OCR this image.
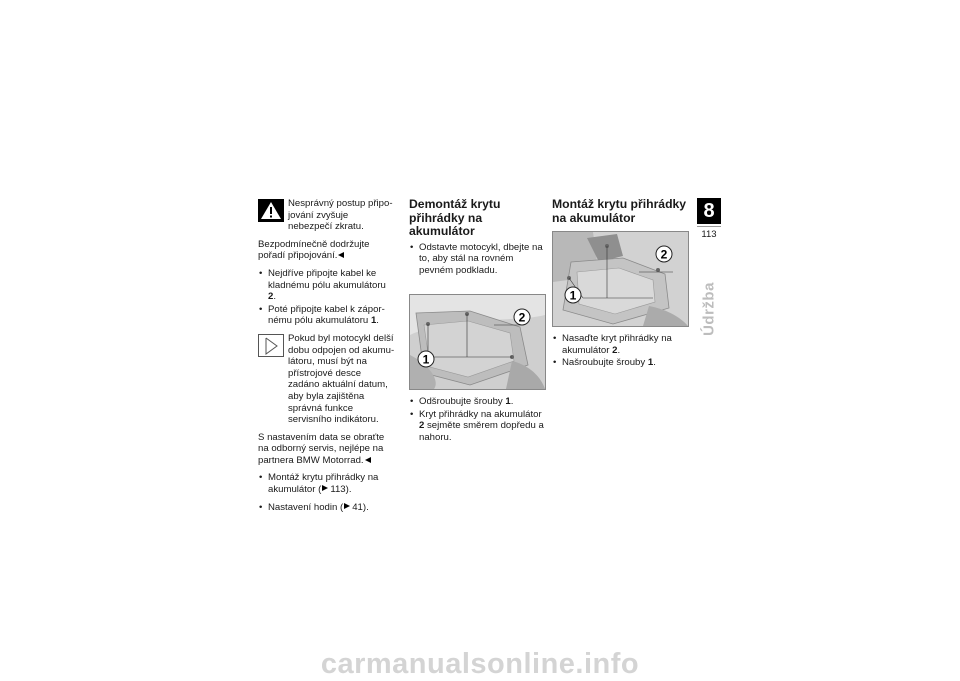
Nesprávný postup připojování zvyšuje nebezpečí zkratu.

Bezpodmínečně dodržujte pořadí připojování.

• Nejdříve připojte kabel ke kladnému pólu akumulátoru 2.
• Poté připojte kabel k zápornému pólu akumulátoru 1.

Pokud byl motocykl delší dobu odpojen od akumulátoru, musí být na přístrojové desce zadáno aktuální datum, aby byla zajištěna správná funkce servisního indikátoru.

S nastavením data se obraťte na odborný servis, nejlépe na partnera BMW Motorrad.

• Montáž krytu přihrádky na akumulátor ( 113).
• Nastavení hodin ( 41).
Demontáž krytu přihrádky na akumulátor
• Odstavte motocykl, dbejte na to, aby stál na rovném pevném podkladu.
1
2
• Odšroubujte šrouby 1.
• Kryt přihrádky na akumulátor 2 sejměte směrem dopředu a nahoru.
Montáž krytu přihrádky na akumulátor
1
2
• Nasaďte kryt přihrádky na akumulátor 2.
• Našroubujte šrouby 1.
8
113
Údržba
carmanualsonline.info
